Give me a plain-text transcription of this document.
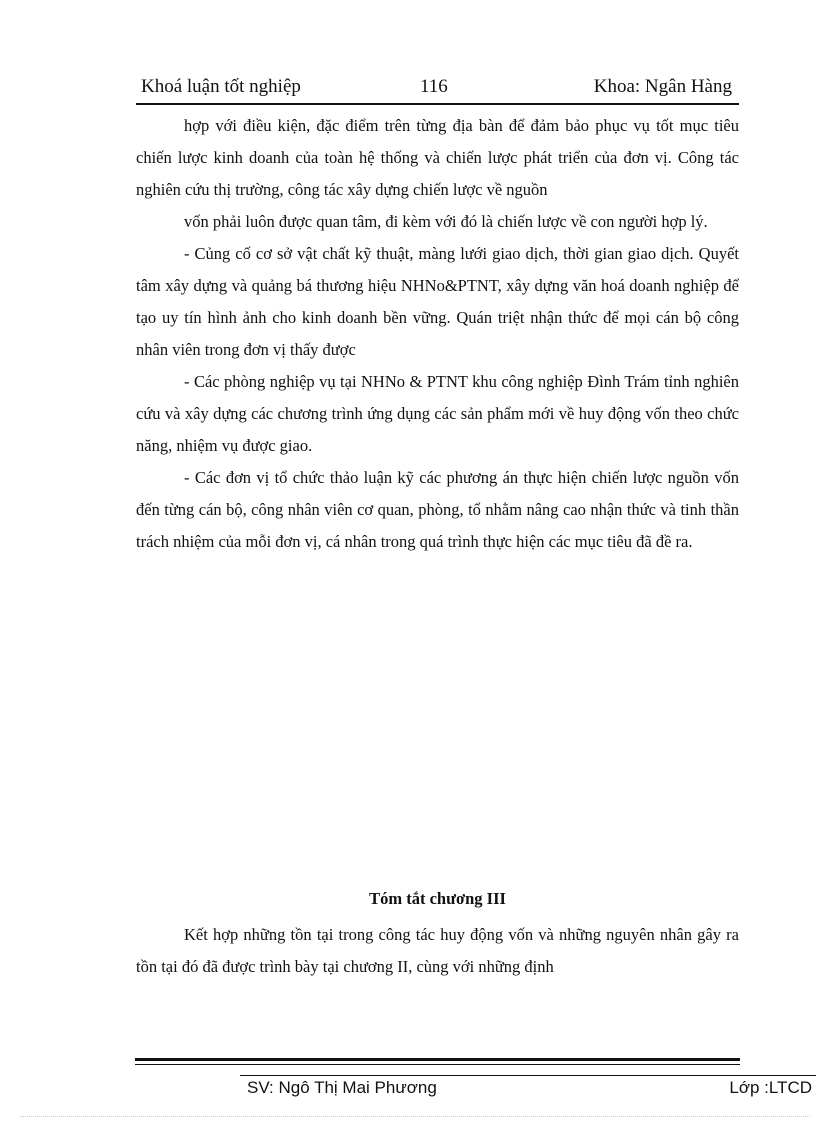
Khoá luận tốt nghiệp	116	Khoa: Ngân Hàng

hợp với điều kiện, đặc điểm trên từng địa bàn để đảm bảo phục vụ tốt mục tiêu chiến lược kinh doanh của toàn hệ thống và chiến lược phát triển của đơn vị. Công tác nghiên cứu thị trường, công tác xây dựng chiến lược về nguồn

vốn phải luôn được quan tâm, đi kèm với đó là chiến lược về con người hợp lý.

- Củng cố cơ sở vật chất kỹ thuật, màng lưới giao dịch, thời gian giao dịch. Quyết tâm xây dựng và quảng bá thương hiệu NHNo&PTNT, xây dựng văn hoá doanh nghiệp để tạo uy tín hình ảnh cho kinh doanh bền vững. Quán triệt nhận thức để mọi cán bộ công nhân viên trong đơn vị thấy được

- Các phòng nghiệp vụ tại NHNo & PTNT khu công nghiệp Đình Trám tỉnh nghiên cứu và xây dựng các chương trình ứng dụng các sản phẩm mới về huy động vốn theo chức năng, nhiệm vụ được giao.

- Các đơn vị tổ chức thảo luận kỹ các phương án thực hiện chiến lược nguồn vốn đến từng cán bộ, công nhân viên cơ quan, phòng, tổ nhằm nâng cao nhận thức và tinh thần trách nhiệm của mỗi đơn vị, cá nhân trong quá trình thực hiện các mục tiêu đã đề ra.

Tóm tắt chương III

Kết hợp những tồn tại trong công tác huy động vốn và những nguyên nhân gây ra tồn tại đó đã được trình bày tại chương II, cùng với những định

SV: Ngô Thị Mai Phương	Lớp :LTCD
